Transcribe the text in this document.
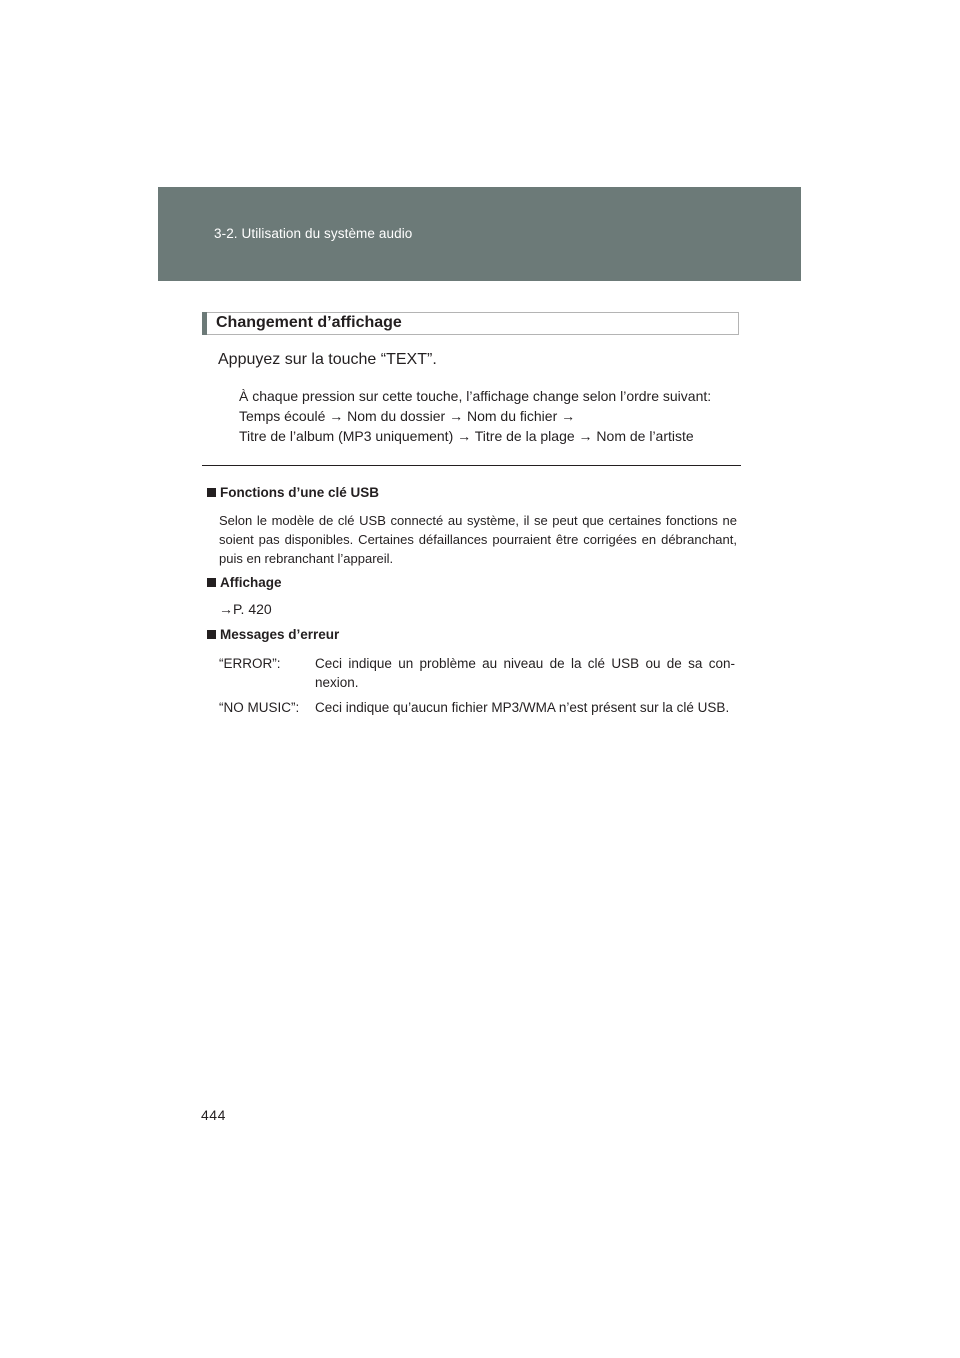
3-2. Utilisation du système audio
Changement d’affichage
Appuyez sur la touche “TEXT”.
À chaque pression sur cette touche, l’affichage change selon l’ordre suivant:
Temps écoulé → Nom du dossier → Nom du fichier →
Titre de l’album (MP3 uniquement) → Titre de la plage → Nom de l’artiste
Fonctions d’une clé USB
Selon le modèle de clé USB connecté au système, il se peut que certaines fonctions ne soient pas disponibles. Certaines défaillances pourraient être corrigées en débranchant, puis en rebranchant l’appareil.
Affichage
→P. 420
Messages d’erreur
“ERROR”:	Ceci indique un problème au niveau de la clé USB ou de sa con-nexion.
“NO MUSIC”: Ceci indique qu’aucun fichier MP3/WMA n’est présent sur la clé USB.
444
